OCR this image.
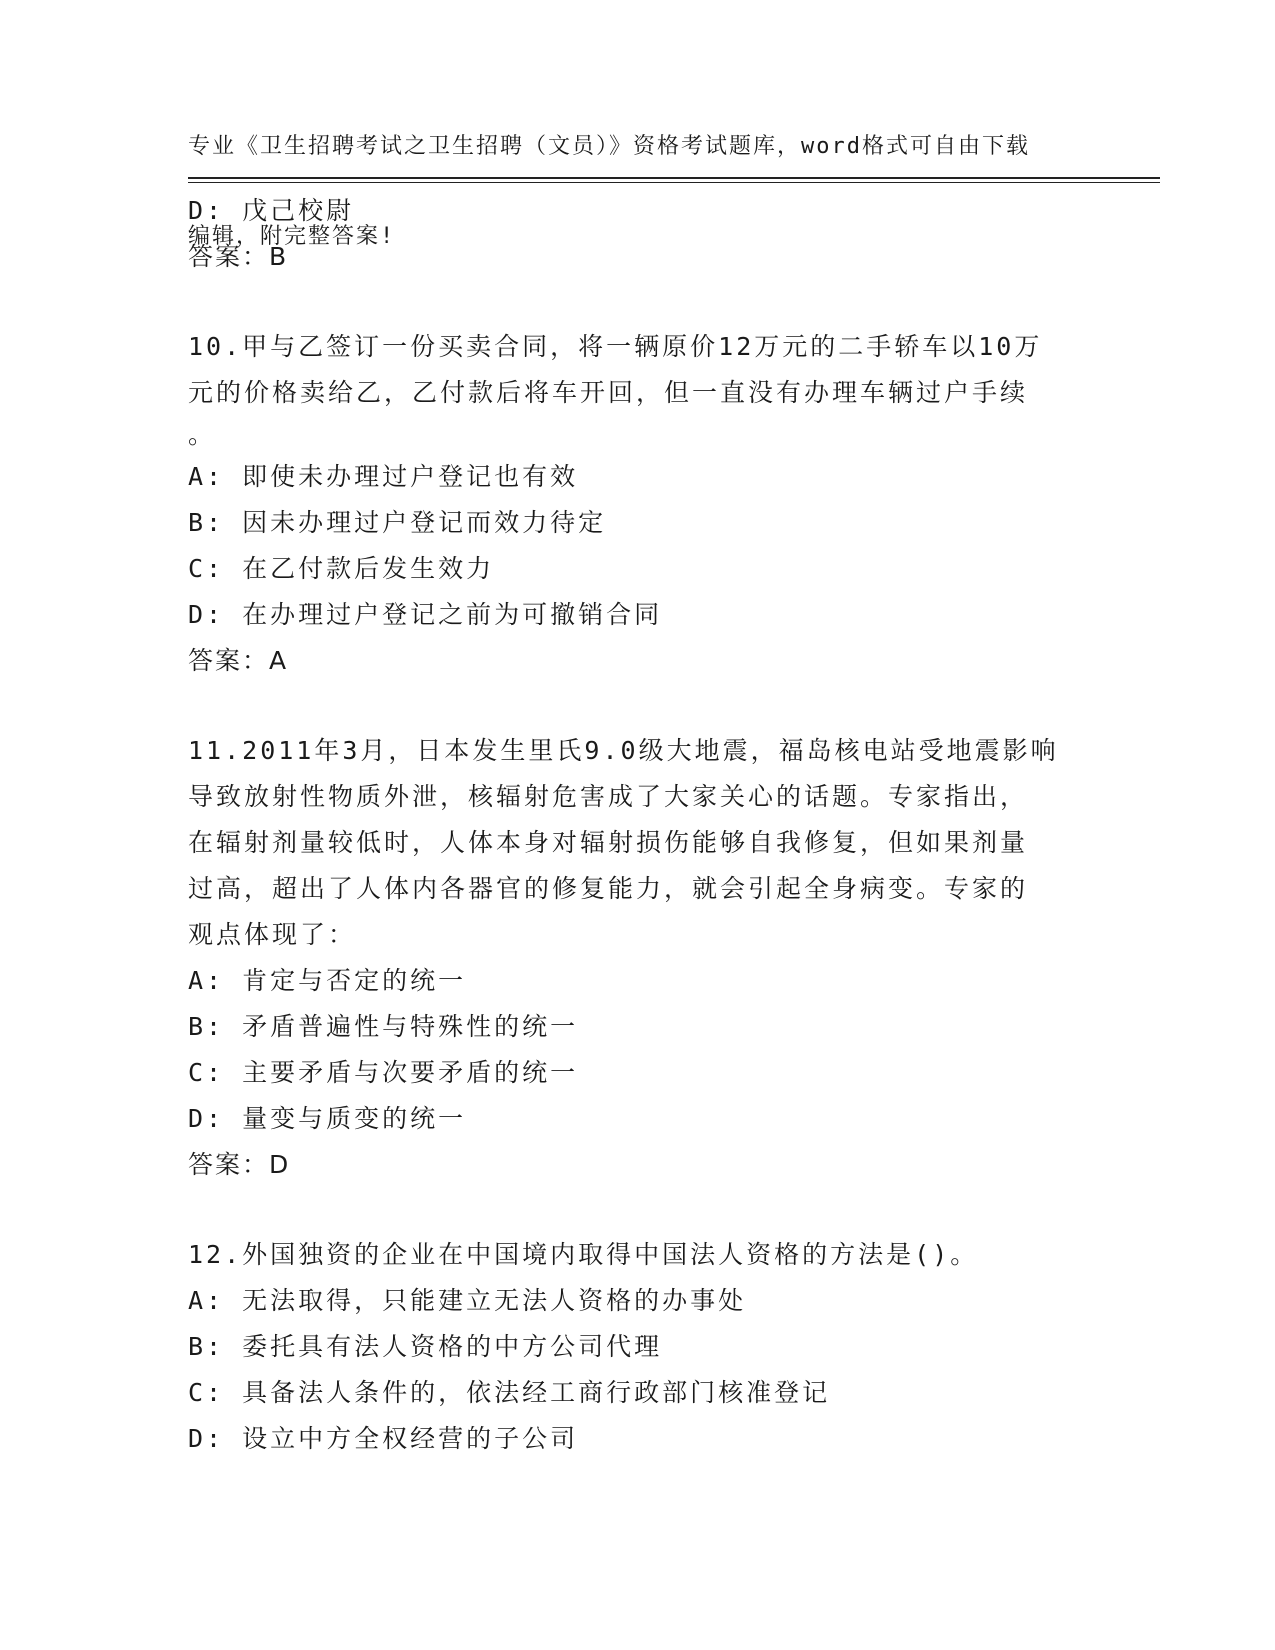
专业《卫生招聘考试之卫生招聘（文员）》资格考试题库，word格式可自由下载

编辑，附完整答案!

D: 戊己校尉
答案：B
10.甲与乙签订一份买卖合同，将一辆原价12万元的二手轿车以10万
元的价格卖给乙，乙付款后将车开回，但一直没有办理车辆过户手续
。
A: 即使未办理过户登记也有效
B: 因未办理过户登记而效力待定
C: 在乙付款后发生效力
D: 在办理过户登记之前为可撤销合同
答案：A
11.2011年3月，日本发生里氏9.0级大地震，福岛核电站受地震影响
导致放射性物质外泄，核辐射危害成了大家关心的话题。专家指出，
在辐射剂量较低时，人体本身对辐射损伤能够自我修复，但如果剂量
过高，超出了人体内各器官的修复能力，就会引起全身病变。专家的
观点体现了：
A: 肯定与否定的统一
B: 矛盾普遍性与特殊性的统一
C: 主要矛盾与次要矛盾的统一
D: 量变与质变的统一
答案：D
12.外国独资的企业在中国境内取得中国法人资格的方法是()。
A: 无法取得，只能建立无法人资格的办事处
B: 委托具有法人资格的中方公司代理
C: 具备法人条件的，依法经工商行政部门核准登记
D: 设立中方全权经营的子公司
